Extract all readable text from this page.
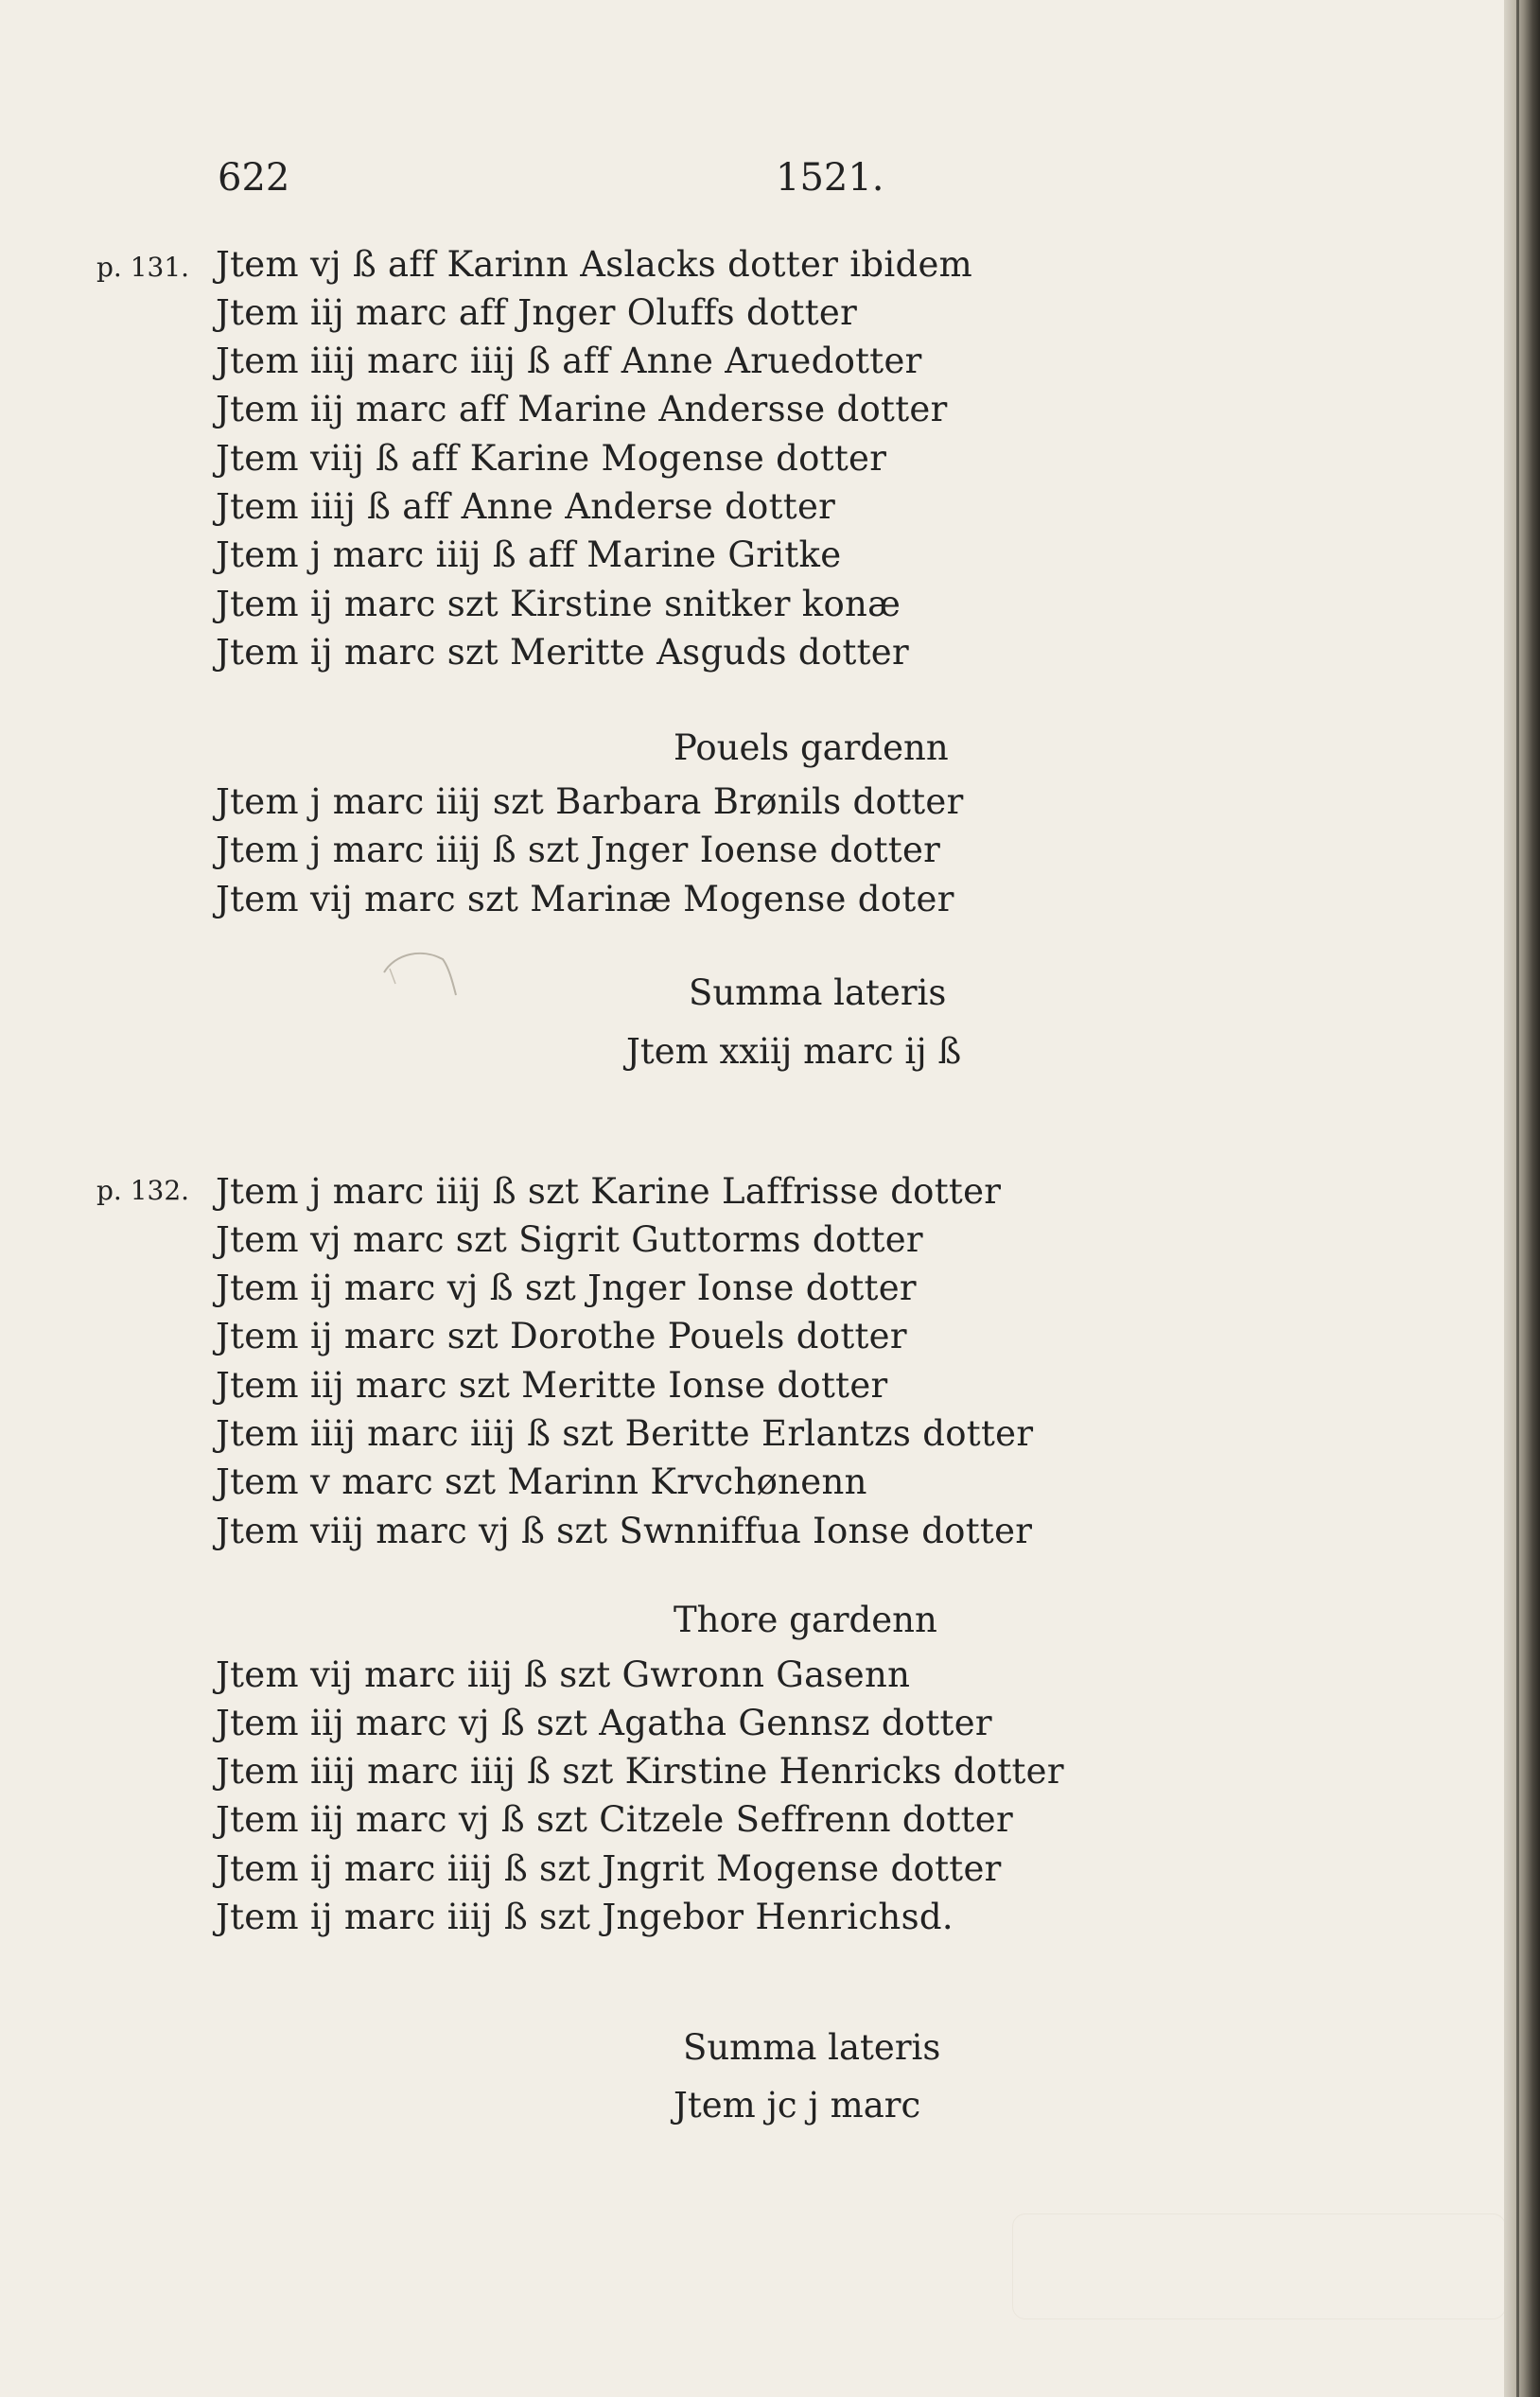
622	1521.
p. 131. Jtem vj ß aff Karinn Aslacks dotter ibidem
Jtem iij marc aff Jnger Oluffs dotter
Jtem iiij marc iiij ß aff Anne Aruedotter
Jtem iij marc aff Marine Andersse dotter
Jtem viij ß aff Karine Mogense dotter
Jtem iiij ß aff Anne Anderse dotter
Jtem j marc iiij ß aff Marine Gritke
Jtem ij marc szt Kirstine snitker konæ
Jtem ij marc szt Meritte Asguds dotter
Pouels gardenn
Jtem j marc iiij szt Barbara Brønils dotter
Jtem j marc iiij ß szt Jnger Ioense dotter
Jtem vij marc szt Marinæ Mogense doter
Summa lateris
Jtem xxiij marc ij ß
p. 132. Jtem j marc iiij ß szt Karine Laffrisse dotter
Jtem vj marc szt Sigrit Guttorms dotter
Jtem ij marc vj ß szt Jnger Ionse dotter
Jtem ij marc szt Dorothe Pouels dotter
Jtem iij marc szt Meritte Ionse dotter
Jtem iiij marc iiij ß szt Beritte Erlantzs dotter
Jtem v marc szt Marinn Krvchønenn
Jtem viij marc vj ß szt Swnniffua Ionse dotter
Thore gardenn
Jtem vij marc iiij ß szt Gwronn Gasenn
Jtem iij marc vj ß szt Agatha Gennsz dotter
Jtem iiij marc iiij ß szt Kirstine Henricks dotter
Jtem iij marc vj ß szt Citzele Seffrenn dotter
Jtem ij marc iiij ß szt Jngrit Mogense dotter
Jtem ij marc iiij ß szt Jngebor Henrichsd.
Summa lateris
Jtem jc j marc
